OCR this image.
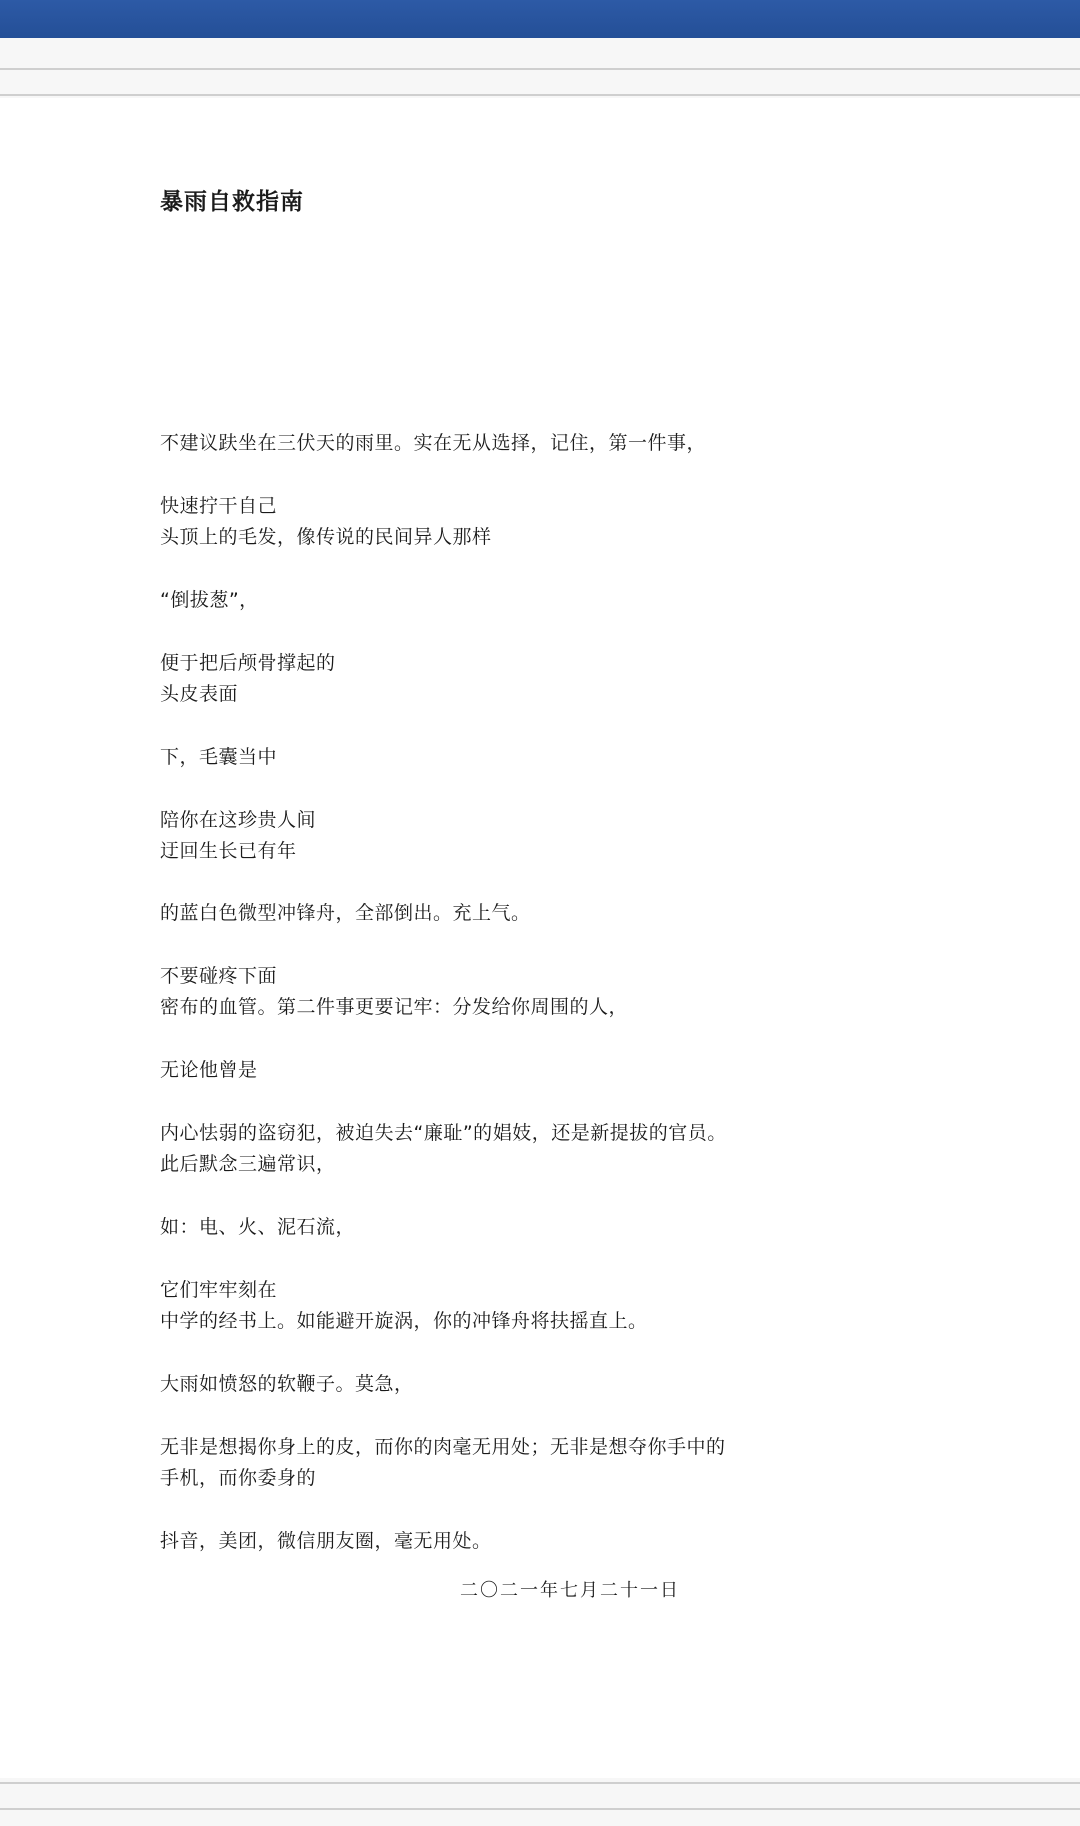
暴雨自救指南
不建议趺坐在三伏天的雨里。实在无从选择，记住，第一件事，
快速拧干自己
头顶上的毛发，像传说的民间异人那样
“倒拔葱”，
便于把后颅骨撑起的
头皮表面
下，毛囊当中
陪你在这珍贵人间
迂回生长已有年
的蓝白色微型冲锋舟，全部倒出。充上气。
不要碰疼下面
密布的血管。第二件事更要记牢：分发给你周围的人，
无论他曾是
内心怯弱的盗窃犯，被迫失去“廉耻”的娼妓，还是新提拔的官员。
此后默念三遍常识，
如：电、火、泥石流，
它们牢牢刻在
中学的经书上。如能避开旋涡，你的冲锋舟将扶摇直上。
大雨如愤怒的软鞭子。莫急，
无非是想揭你身上的皮，而你的肉毫无用处；无非是想夺你手中的
手机，而你委身的
抖音，美团，微信朋友圈，毫无用处。
二〇二一年七月二十一日
